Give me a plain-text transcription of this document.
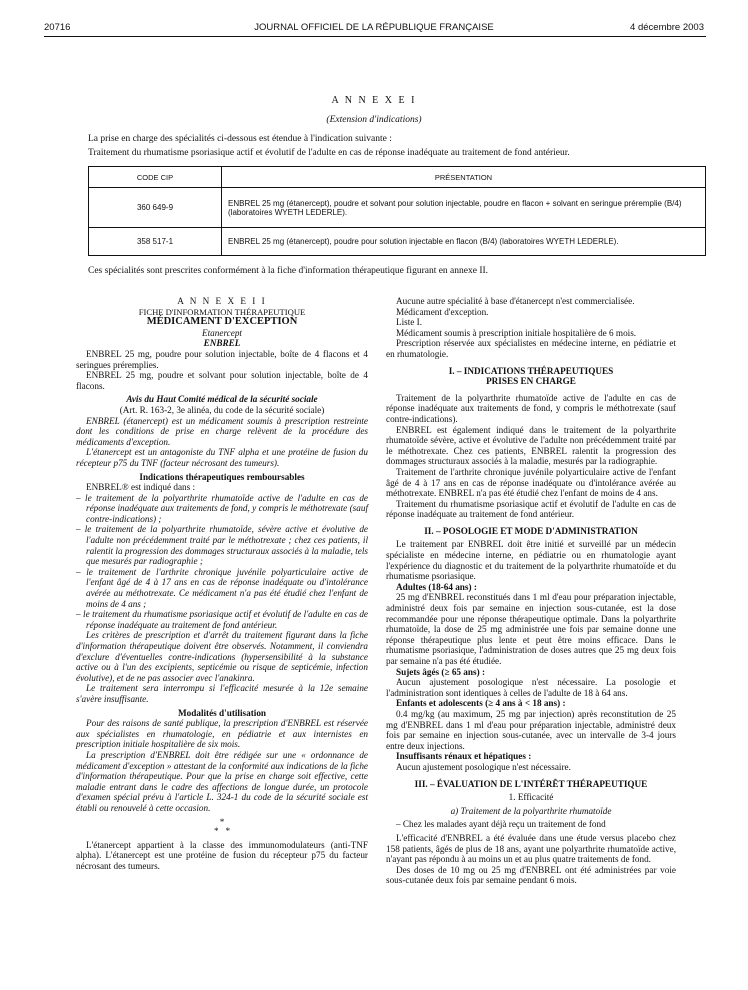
20716	JOURNAL OFFICIEL DE LA RÉPUBLIQUE FRANÇAISE	4 décembre 2003
A N N E X E I
(Extension d'indications)
La prise en charge des spécialités ci-dessous est étendue à l'indication suivante :
Traitement du rhumatisme psoriasique actif et évolutif de l'adulte en cas de réponse inadéquate au traitement de fond antérieur.
CODE CIP	PRÉSENTATION
360 649-9	ENBREL 25 mg (étanercept), poudre et solvant pour solution injectable, poudre en flacon + solvant en seringue préremplie (B/4) (laboratoires WYETH LEDERLE).
358 517-1	ENBREL 25 mg (étanercept), poudre pour solution injectable en flacon (B/4) (laboratoires WYETH LEDERLE).
Ces spécialités sont prescrites conformément à la fiche d'information thérapeutique figurant en annexe II.

A N N E X E I I

FICHE D'INFORMATION THÉRAPEUTIQUE

MÉDICAMENT D'EXCEPTION

Etanercept

ENBREL

ENBREL 25 mg, poudre pour solution injectable, boîte de 4 flacons et 4 seringues préremplies.

ENBREL 25 mg, poudre et solvant pour solution injectable, boîte de 4 flacons.

Avis du Haut Comité médical de la sécurité sociale

(Art. R. 163-2, 3e alinéa, du code de la sécurité sociale)

ENBREL (étanercept) est un médicament soumis à prescription restreinte dont les conditions de prise en charge relèvent de la procédure des médicaments d'exception.

L'étanercept est un antagoniste du TNF alpha et une protéine de fusion du récepteur p75 du TNF (facteur nécrosant des tumeurs).

Indications thérapeutiques remboursables

ENBREL® est indiqué dans :

– le traitement de la polyarthrite rhumatoïde active de l'adulte en cas de réponse inadéquate aux traitements de fond, y compris le méthotrexate (sauf contre-indications) ;
– le traitement de la polyarthrite rhumatoïde, sévère active et évolutive de l'adulte non précédemment traité par le méthotrexate ; chez ces patients, il ralentit la progression des dommages structuraux associés à la maladie, tels que mesurés par radiographie ;
– le traitement de l'arthrite chronique juvénile polyarticulaire active de l'enfant âgé de 4 à 17 ans en cas de réponse inadéquate ou d'intolérance avérée au méthotrexate. Ce médicament n'a pas été étudié chez l'enfant de moins de 4 ans ;
– le traitement du rhumatisme psoriasique actif et évolutif de l'adulte en cas de réponse inadéquate au traitement de fond antérieur.

Les critères de prescription et d'arrêt du traitement figurant dans la fiche d'information thérapeutique doivent être observés. Notamment, il conviendra d'exclure d'éventuelles contre-indications (hypersensibilité à la substance active ou à l'un des excipients, septicémie ou risque de septicémie, infection évolutive), et de ne pas associer avec l'anakinra.

Le traitement sera interrompu si l'efficacité mesurée à la 12e semaine s'avère insuffisante.

Modalités d'utilisation

Pour des raisons de santé publique, la prescription d'ENBREL est réservée aux spécialistes en rhumatologie, en pédiatrie et aux internistes en prescription initiale hospitalière de six mois.

La prescription d'ENBREL doit être rédigée sur une « ordonnance de médicament d'exception » attestant de la conformité aux indications de la fiche d'information thérapeutique. Pour que la prise en charge soit effective, cette maladie entrant dans le cadre des affections de longue durée, un protocole d'examen spécial prévu à l'article L. 324-1 du code de la sécurité sociale est établi ou renouvelé à cette occasion.

*
*   *

L'étanercept appartient à la classe des immunomodulateurs (anti-TNF alpha). L'étanercept est une protéine de fusion du récepteur p75 du facteur nécrosant des tumeurs.

Aucune autre spécialité à base d'étanercept n'est commercialisée.

Médicament d'exception.

Liste I.

Médicament soumis à prescription initiale hospitalière de 6 mois.

Prescription réservée aux spécialistes en médecine interne, en pédiatrie et en rhumatologie.

I. – INDICATIONS THÉRAPEUTIQUES PRISES EN CHARGE

Traitement de la polyarthrite rhumatoïde active de l'adulte en cas de réponse inadéquate aux traitements de fond, y compris le méthotrexate (sauf contre-indications).

ENBREL est également indiqué dans le traitement de la polyarthrite rhumatoïde sévère, active et évolutive de l'adulte non précédemment traité par le méthotrexate. Chez ces patients, ENBREL ralentit la progression des dommages structuraux associés à la maladie, mesurés par la radiographie.

Traitement de l'arthrite chronique juvénile polyarticulaire active de l'enfant âgé de 4 à 17 ans en cas de réponse inadéquate ou d'intolérance avérée au méthotrexate. ENBREL n'a pas été étudié chez l'enfant de moins de 4 ans.

Traitement du rhumatisme psoriasique actif et évolutif de l'adulte en cas de réponse inadéquate au traitement de fond antérieur.

II. – POSOLOGIE ET MODE D'ADMINISTRATION

Le traitement par ENBREL doit être initié et surveillé par un médecin spécialiste en médecine interne, en pédiatrie ou en rhumatologie ayant l'expérience du diagnostic et du traitement de la polyarthrite rhumatoïde et du rhumatisme psoriasique.

Adultes (18-64 ans) :

25 mg d'ENBREL reconstitués dans 1 ml d'eau pour préparation injectable, administré deux fois par semaine en injection sous-cutanée, est la dose recommandée pour une réponse thérapeutique optimale. Dans la polyarthrite rhumatoïde, la dose de 25 mg administrée une fois par semaine donne une réponse thérapeutique plus lente et peut être moins efficace. Dans le rhumatisme psoriasique, l'administration de doses autres que 25 mg deux fois par semaine n'a pas été étudiée.

Sujets âgés (≥ 65 ans) :

Aucun ajustement posologique n'est nécessaire. La posologie et l'administration sont identiques à celles de l'adulte de 18 à 64 ans.

Enfants et adolescents (≥ 4 ans à < 18 ans) :

0.4 mg/kg (au maximum, 25 mg par injection) après reconstitution de 25 mg d'ENBREL dans 1 ml d'eau pour préparation injectable, administré deux fois par semaine en injection sous-cutanée, avec un intervalle de 3-4 jours entre deux injections.

Insuffisants rénaux et hépatiques :

Aucun ajustement posologique n'est nécessaire.

III. – ÉVALUATION DE L'INTÉRÊT THÉRAPEUTIQUE

1. Efficacité

a) Traitement de la polyarthrite rhumatoïde

– Chez les malades ayant déjà reçu un traitement de fond

L'efficacité d'ENBREL a été évaluée dans une étude versus placebo chez 158 patients, âgés de plus de 18 ans, ayant une polyarthrite rhumatoïde active, n'ayant pas répondu à au moins un et au plus quatre traitements de fond.

Des doses de 10 mg ou 25 mg d'ENBREL ont été administrées par voie sous-cutanée deux fois par semaine pendant 6 mois.
